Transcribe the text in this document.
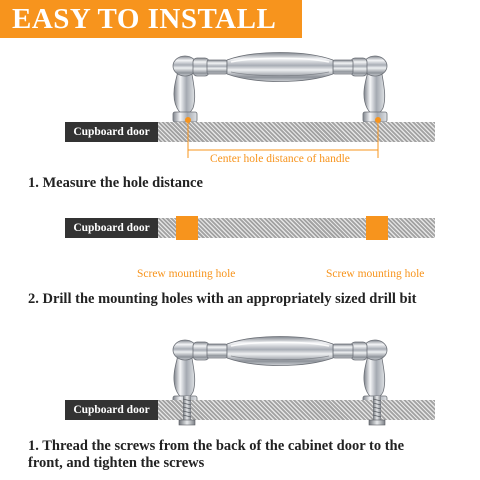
EASY TO INSTALL
Cupboard door
Center hole distance of handle
1. Measure the hole distance
Cupboard door
Screw mounting hole	Screw mounting hole
2. Drill the mounting holes with an appropriately sized drill bit
Cupboard door
1. Thread the screws from the back of the cabinet door to the
front, and tighten the screws
